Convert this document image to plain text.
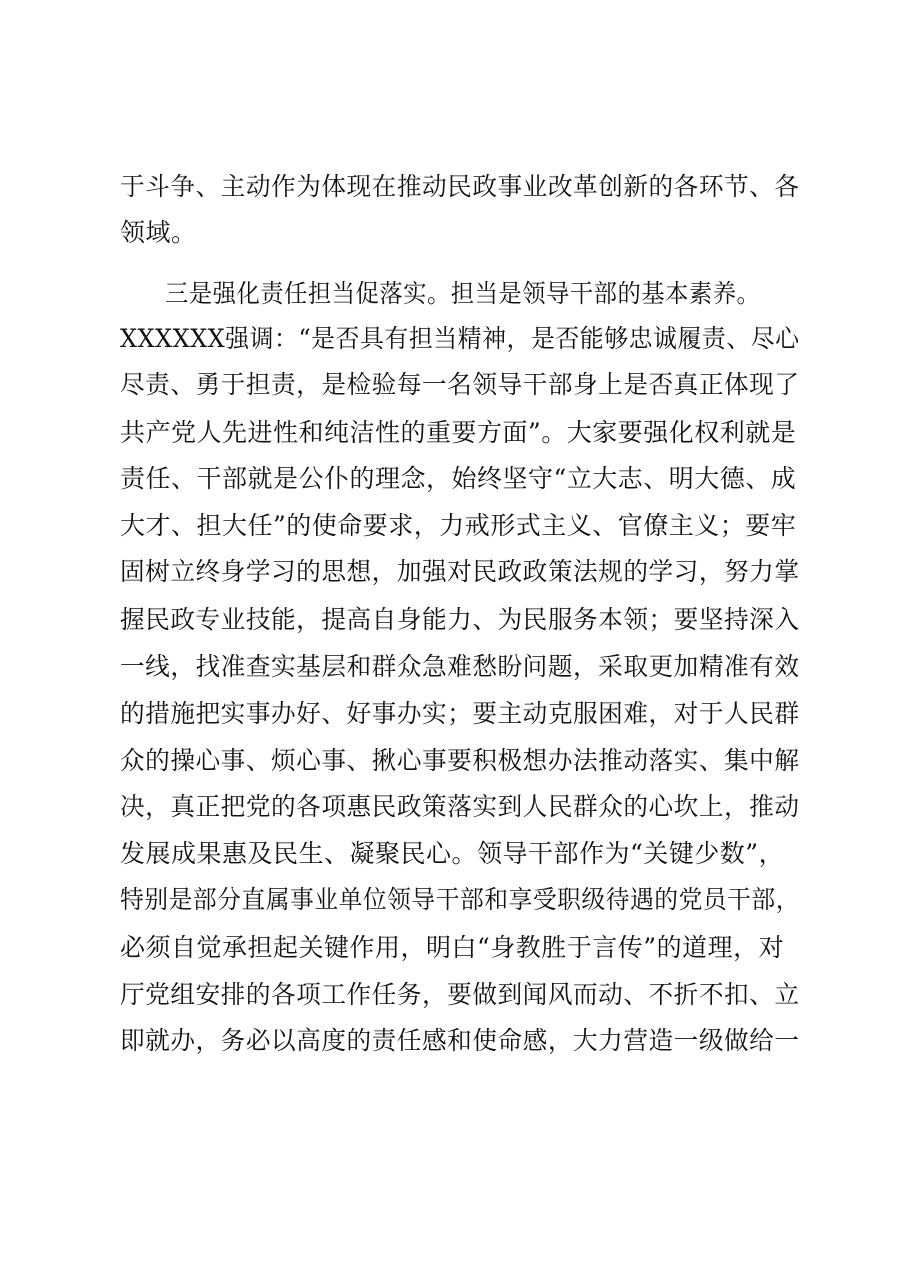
于斗争、主动作为体现在推动民政事业改革创新的各环节、各
领域。
三是强化责任担当促落实。担当是领导干部的基本素养。
XXXXXX强调：“是否具有担当精神，是否能够忠诚履责、尽心
尽责、勇于担责，是检验每一名领导干部身上是否真正体现了
共产党人先进性和纯洁性的重要方面”。大家要强化权利就是
责任、干部就是公仆的理念，始终坚守“立大志、明大德、成
大才、担大任”的使命要求，力戒形式主义、官僚主义；要牢
固树立终身学习的思想，加强对民政政策法规的学习，努力掌
握民政专业技能，提高自身能力、为民服务本领；要坚持深入
一线，找准查实基层和群众急难愁盼问题，采取更加精准有效
的措施把实事办好、好事办实；要主动克服困难，对于人民群
众的操心事、烦心事、揪心事要积极想办法推动落实、集中解
决，真正把党的各项惠民政策落实到人民群众的心坎上，推动
发展成果惠及民生、凝聚民心。领导干部作为“关键少数”，
特别是部分直属事业单位领导干部和享受职级待遇的党员干部，
必须自觉承担起关键作用，明白“身教胜于言传”的道理，对
厅党组安排的各项工作任务，要做到闻风而动、不折不扣、立
即就办，务必以高度的责任感和使命感，大力营造一级做给一
